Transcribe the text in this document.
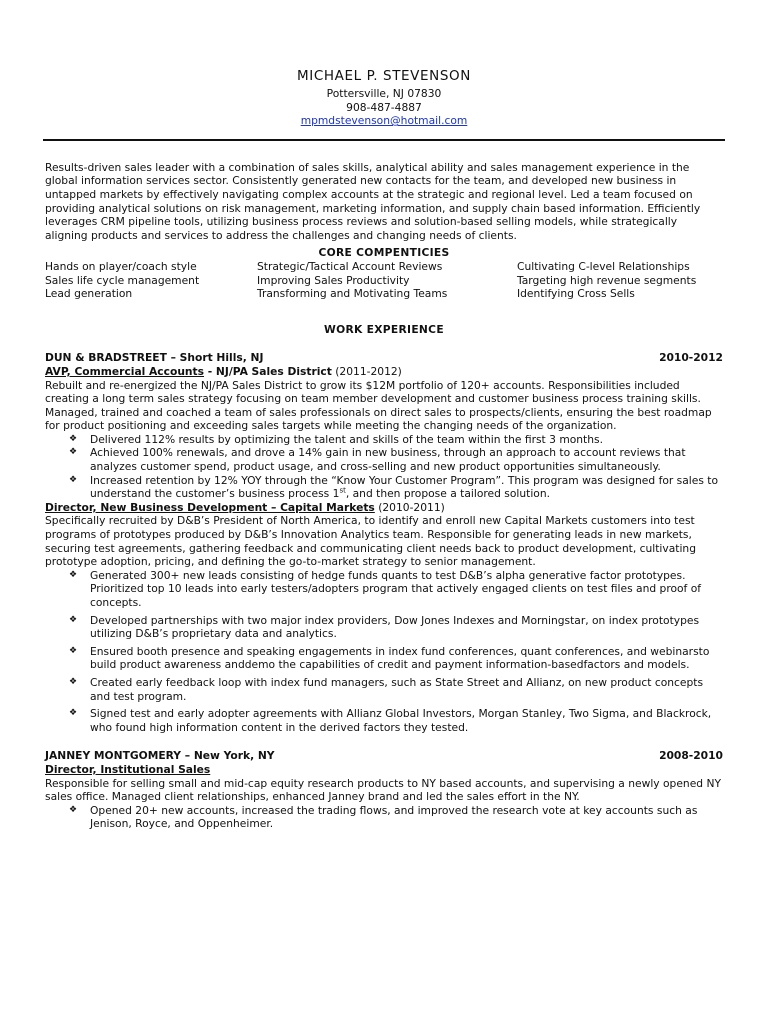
MICHAEL P. STEVENSON
Pottersville, NJ 07830
908-487-4887
mpmdstevenson@hotmail.com

Results-driven sales leader with a combination of sales skills, analytical ability and sales management experience in the global information services sector. Consistently generated new contacts for the team, and developed new business in untapped markets by effectively navigating complex accounts at the strategic and regional level. Led a team focused on providing analytical solutions on risk management, marketing information, and supply chain based information. Efficiently leverages CRM pipeline tools, utilizing business process reviews and solution-based selling models, while strategically aligning products and services to address the challenges and changing needs of clients.

CORE COMPENTICIES
Hands on player/coach style	Strategic/Tactical Account Reviews	Cultivating C-level Relationships
Sales life cycle management	Improving Sales Productivity	Targeting high revenue segments
Lead generation	Transforming and Motivating Teams	Identifying Cross Sells
WORK EXPERIENCE
DUN & BRADSTREET – Short Hills, NJ	2010-2012
AVP, Commercial Accounts - NJ/PA Sales District (2011-2012)

Rebuilt and re-energized the NJ/PA Sales District to grow its $12M portfolio of 120+ accounts. Responsibilities included creating a long term sales strategy focusing on team member development and customer business process training skills. Managed, trained and coached a team of sales professionals on direct sales to prospects/clients, ensuring the best roadmap for product positioning and exceeding sales targets while meeting the changing needs of the organization.

❖ Delivered 112% results by optimizing the talent and skills of the team within the first 3 months.
❖ Achieved 100% renewals, and drove a 14% gain in new business, through an approach to account reviews that analyzes customer spend, product usage, and cross-selling and new product opportunities simultaneously.
❖ Increased retention by 12% YOY through the “Know Your Customer Program”. This program was designed for sales to understand the customer’s business process 1st, and then propose a tailored solution.
Director, New Business Development – Capital Markets (2010-2011)

Specifically recruited by D&B’s President of North America, to identify and enroll new Capital Markets customers into test programs of prototypes produced by D&B’s Innovation Analytics team. Responsible for generating leads in new markets, securing test agreements, gathering feedback and communicating client needs back to product development, cultivating prototype adoption, pricing, and defining the go-to-market strategy to senior management.

❖ Generated 300+ new leads consisting of hedge funds quants to test D&B’s alpha generative factor prototypes. Prioritized top 10 leads into early testers/adopters program that actively engaged clients on test files and proof of concepts.
❖ Developed partnerships with two major index providers, Dow Jones Indexes and Morningstar, on index prototypes utilizing D&B’s proprietary data and analytics.
❖ Ensured booth presence and speaking engagements in index fund conferences, quant conferences, and webinarsto build product awareness anddemo the capabilities of credit and payment information-basedfactors and models.
❖ Created early feedback loop with index fund managers, such as State Street and Allianz, on new product concepts and test program.
❖ Signed test and early adopter agreements with Allianz Global Investors, Morgan Stanley, Two Sigma, and Blackrock, who found high information content in the derived factors they tested.
JANNEY MONTGOMERY – New York, NY	2008-2010
Director, Institutional Sales

Responsible for selling small and mid-cap equity research products to NY based accounts, and supervising a newly opened NY sales office. Managed client relationships, enhanced Janney brand and led the sales effort in the NY.

❖ Opened 20+ new accounts, increased the trading flows, and improved the research vote at key accounts such as Jenison, Royce, and Oppenheimer.
